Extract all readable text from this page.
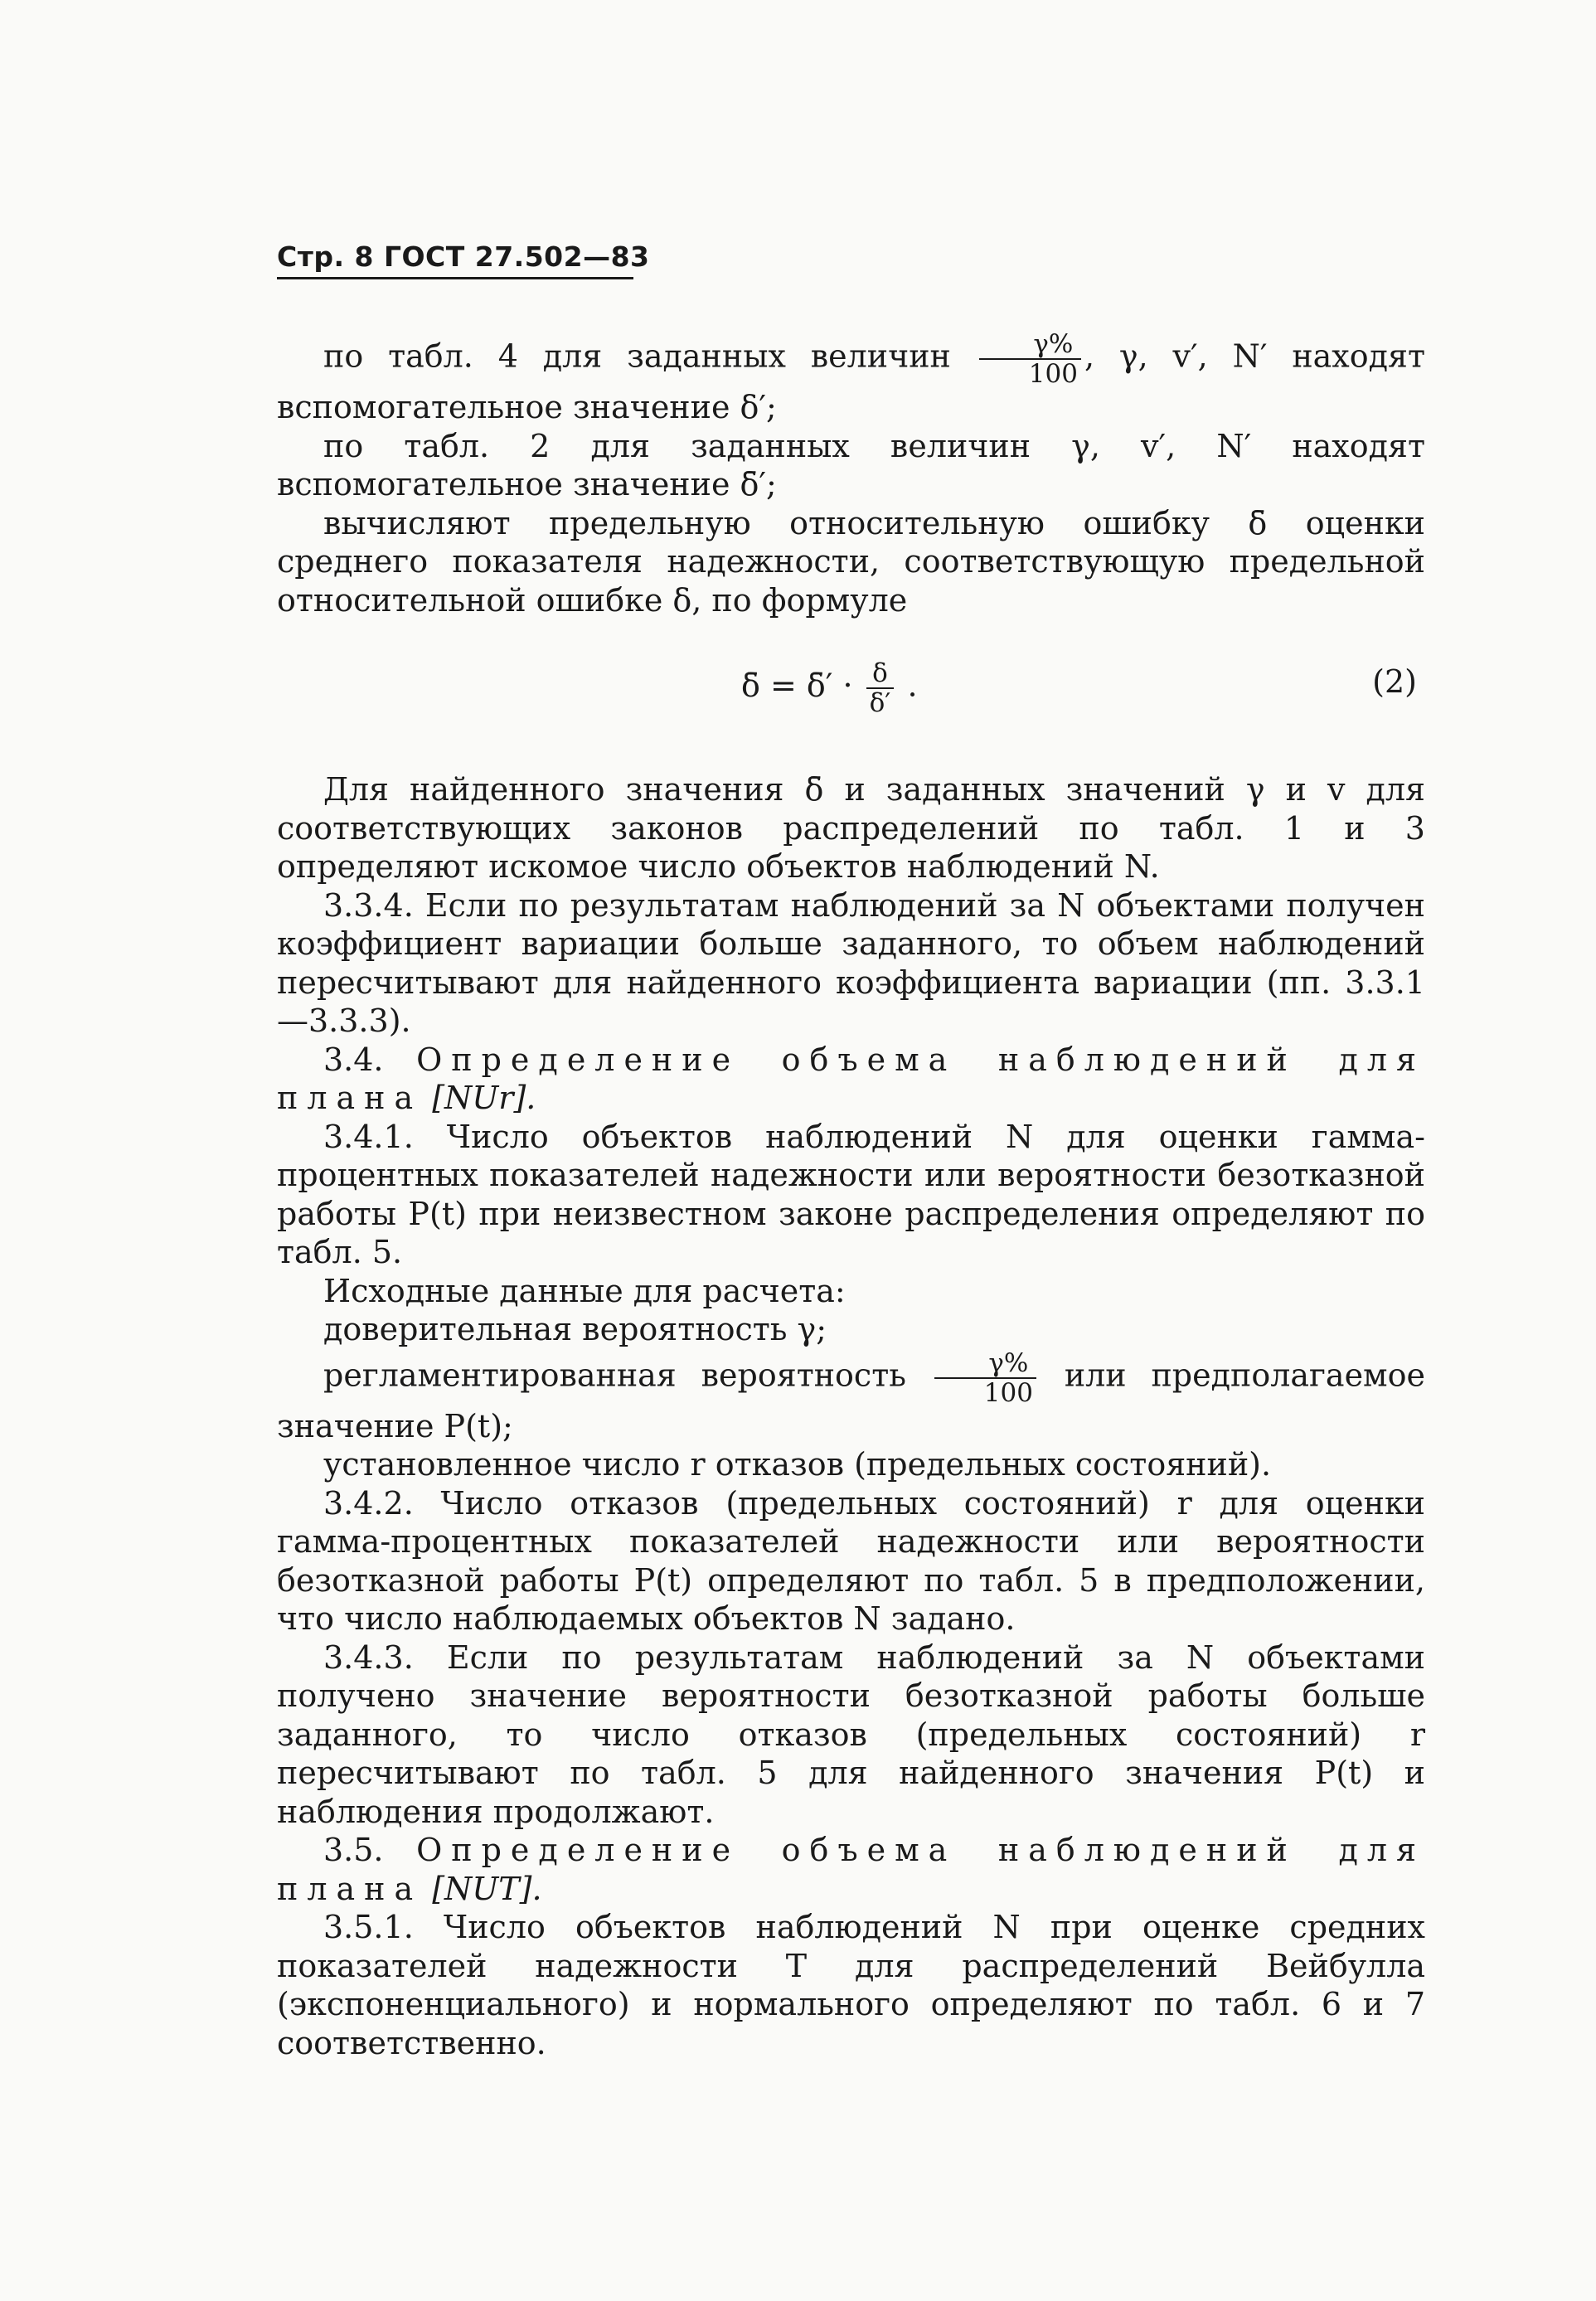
Стр. 8 ГОСТ 27.502—83

по табл. 4 для заданных величин $\frac{\gamma\%}{100}$ , γ, v′, N′ находят вспомогательное значение δ′;

по табл. 2 для заданных величин γ, v′, N′ находят вспомогательное значение δ̄′;

вычисляют предельную относительную ошибку δ̄ оценки среднего показателя надежности, соответствующую предельной относительной ошибке δ, по формуле

δ̄ = δ̄′ · $\frac{\delta}{\delta'}$ .	(2)

Для найденного значения δ̄ и заданных значений γ и v для соответствующих законов распределений по табл. 1 и 3 определяют искомое число объектов наблюдений N.

3.3.4. Если по результатам наблюдений за N объектами получен коэффициент вариации больше заданного, то объем наблюдений пересчитывают для найденного коэффициента вариации (пп. 3.3.1—3.3.3).

3.4. Определение объема наблюдений для плана [NUr].

3.4.1. Число объектов наблюдений N для оценки гамма-процентных показателей надежности или вероятности безотказной работы P(t) при неизвестном законе распределения определяют по табл. 5.

Исходные данные для расчета:

доверительная вероятность γ;

регламентированная вероятность $\frac{\gamma\%}{100}$ или предполагаемое значение P(t);

установленное число r отказов (предельных состояний).

3.4.2. Число отказов (предельных состояний) r для оценки гамма-процентных показателей надежности или вероятности безотказной работы P(t) определяют по табл. 5 в предположении, что число наблюдаемых объектов N задано.

3.4.3. Если по результатам наблюдений за N объектами получено значение вероятности безотказной работы больше заданного, то число отказов (предельных состояний) r пересчитывают по табл. 5 для найденного значения P(t) и наблюдения продолжают.

3.5. Определение объема наблюдений для плана [NUT].

3.5.1. Число объектов наблюдений N при оценке средних показателей надежности T для распределений Вейбулла (экспоненциального) и нормального определяют по табл. 6 и 7 соответственно.
